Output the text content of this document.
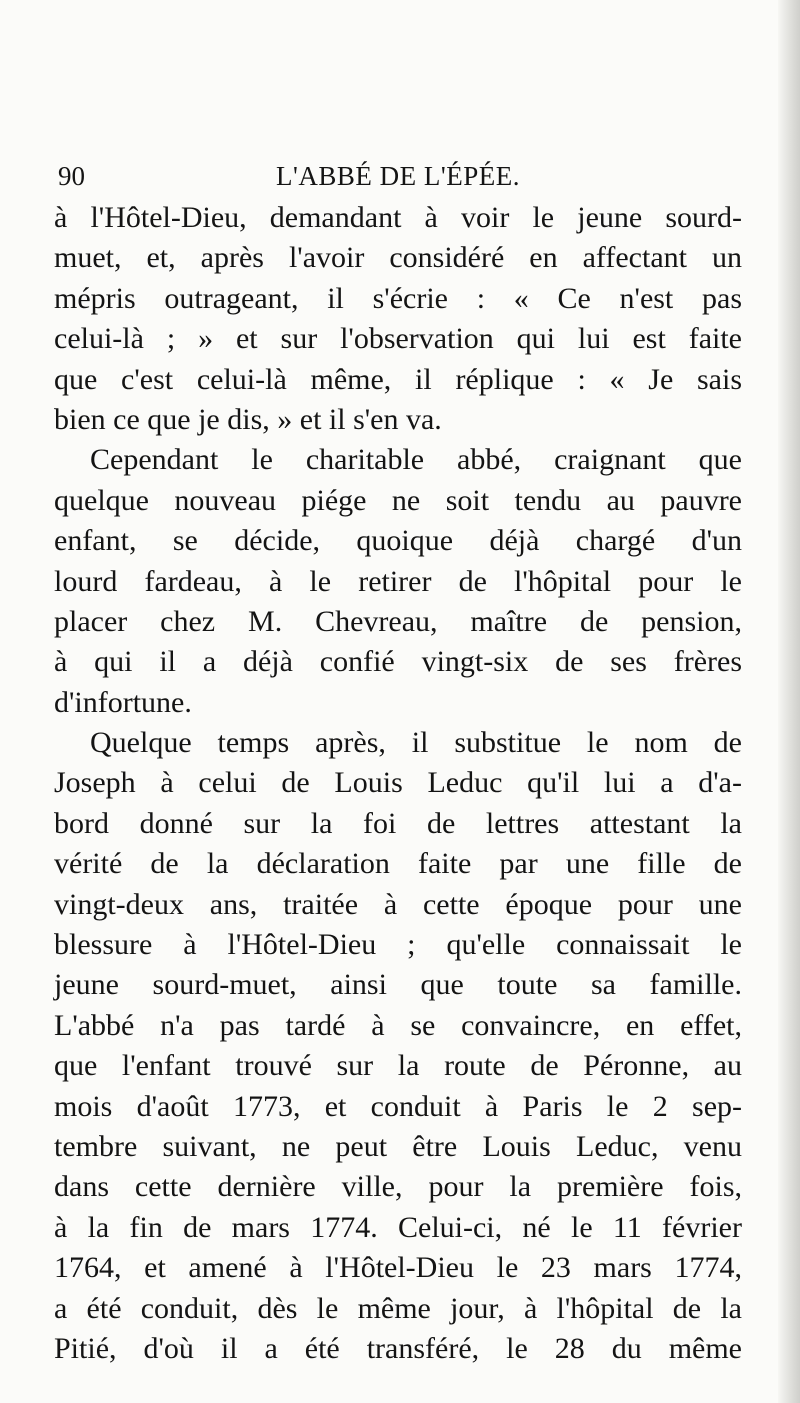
90	L'ABBÉ DE L'ÉPÉE.
à l'Hôtel-Dieu, demandant à voir le jeune sourd-
muet, et, après l'avoir considéré en affectant un
mépris outrageant, il s'écrie : « Ce n'est pas
celui-là ; » et sur l'observation qui lui est faite
que c'est celui-là même, il réplique : « Je sais
bien ce que je dis, » et il s'en va.
Cependant le charitable abbé, craignant que
quelque nouveau piége ne soit tendu au pauvre
enfant, se décide, quoique déjà chargé d'un
lourd fardeau, à le retirer de l'hôpital pour le
placer chez M. Chevreau, maître de pension,
à qui il a déjà confié vingt-six de ses frères
d'infortune.
Quelque temps après, il substitue le nom de
Joseph à celui de Louis Leduc qu'il lui a d'a-
bord donné sur la foi de lettres attestant la
vérité de la déclaration faite par une fille de
vingt-deux ans, traitée à cette époque pour une
blessure à l'Hôtel-Dieu ; qu'elle connaissait le
jeune sourd-muet, ainsi que toute sa famille.
L'abbé n'a pas tardé à se convaincre, en effet,
que l'enfant trouvé sur la route de Péronne, au
mois d'août 1773, et conduit à Paris le 2 sep-
tembre suivant, ne peut être Louis Leduc, venu
dans cette dernière ville, pour la première fois,
à la fin de mars 1774. Celui-ci, né le 11 février
1764, et amené à l'Hôtel-Dieu le 23 mars 1774,
a été conduit, dès le même jour, à l'hôpital de la
Pitié, d'où il a été transféré, le 28 du même
